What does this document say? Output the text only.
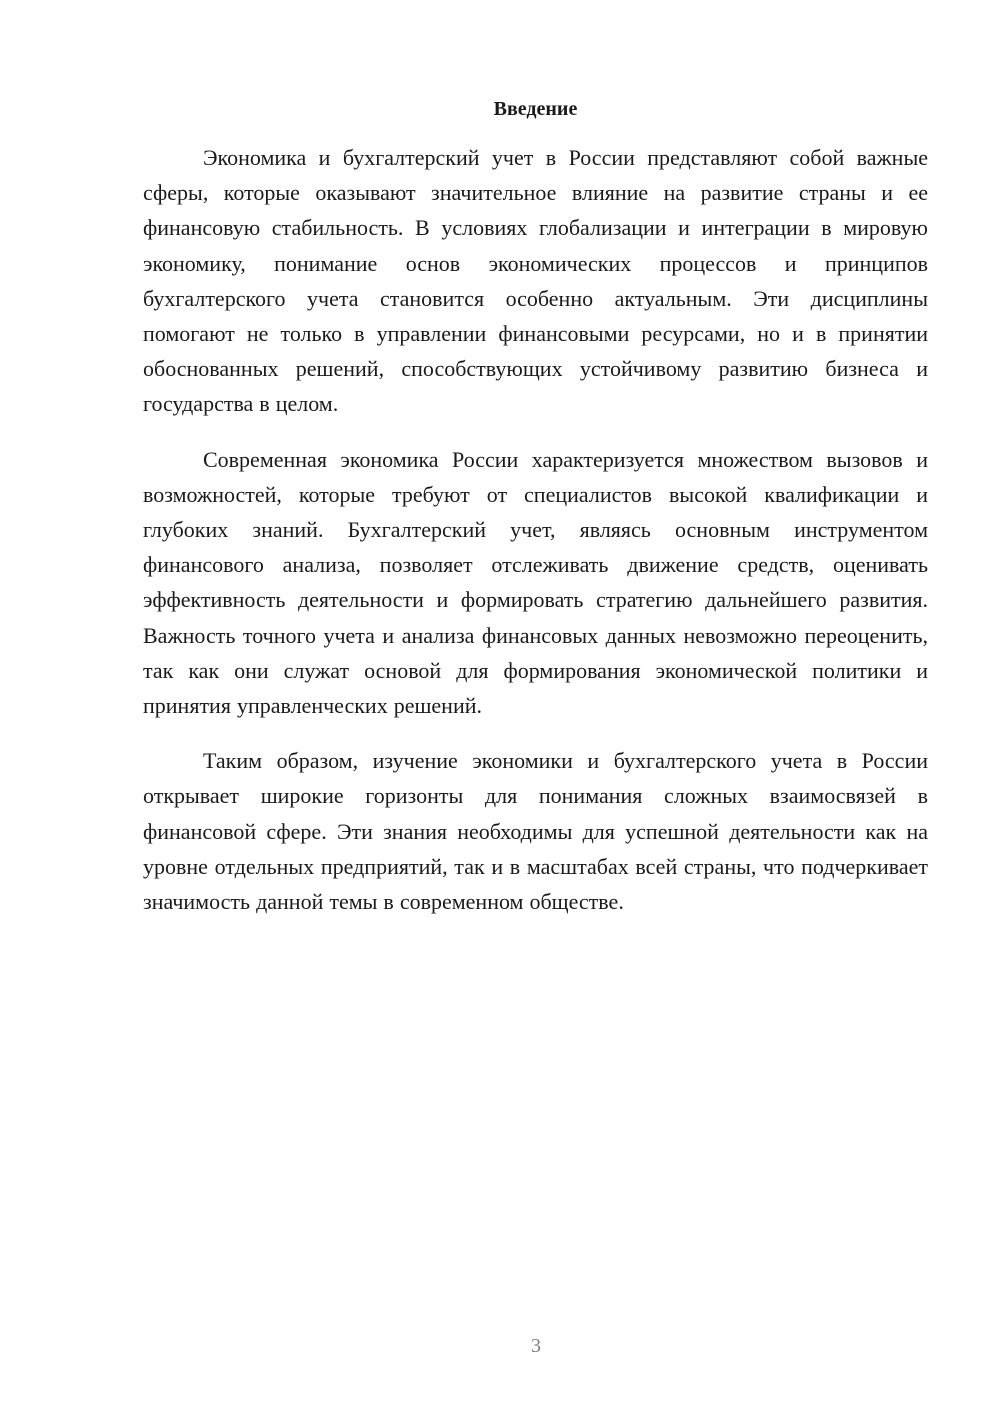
Введение

Экономика и бухгалтерский учет в России представляют собой важные сферы, которые оказывают значительное влияние на развитие страны и ее финансовую стабильность. В условиях глобализации и интеграции в мировую экономику, понимание основ экономических процессов и принципов бухгалтерского учета становится особенно актуальным. Эти дисциплины помогают не только в управлении финансовыми ресурсами, но и в принятии обоснованных решений, способствующих устойчивому развитию бизнеса и государства в целом.

Современная экономика России характеризуется множеством вызовов и возможностей, которые требуют от специалистов высокой квалификации и глубоких знаний. Бухгалтерский учет, являясь основным инструментом финансового анализа, позволяет отслеживать движение средств, оценивать эффективность деятельности и формировать стратегию дальнейшего развития. Важность точного учета и анализа финансовых данных невозможно переоценить, так как они служат основой для формирования экономической политики и принятия управленческих решений.

Таким образом, изучение экономики и бухгалтерского учета в России открывает широкие горизонты для понимания сложных взаимосвязей в финансовой сфере. Эти знания необходимы для успешной деятельности как на уровне отдельных предприятий, так и в масштабах всей страны, что подчеркивает значимость данной темы в современном обществе.

3
